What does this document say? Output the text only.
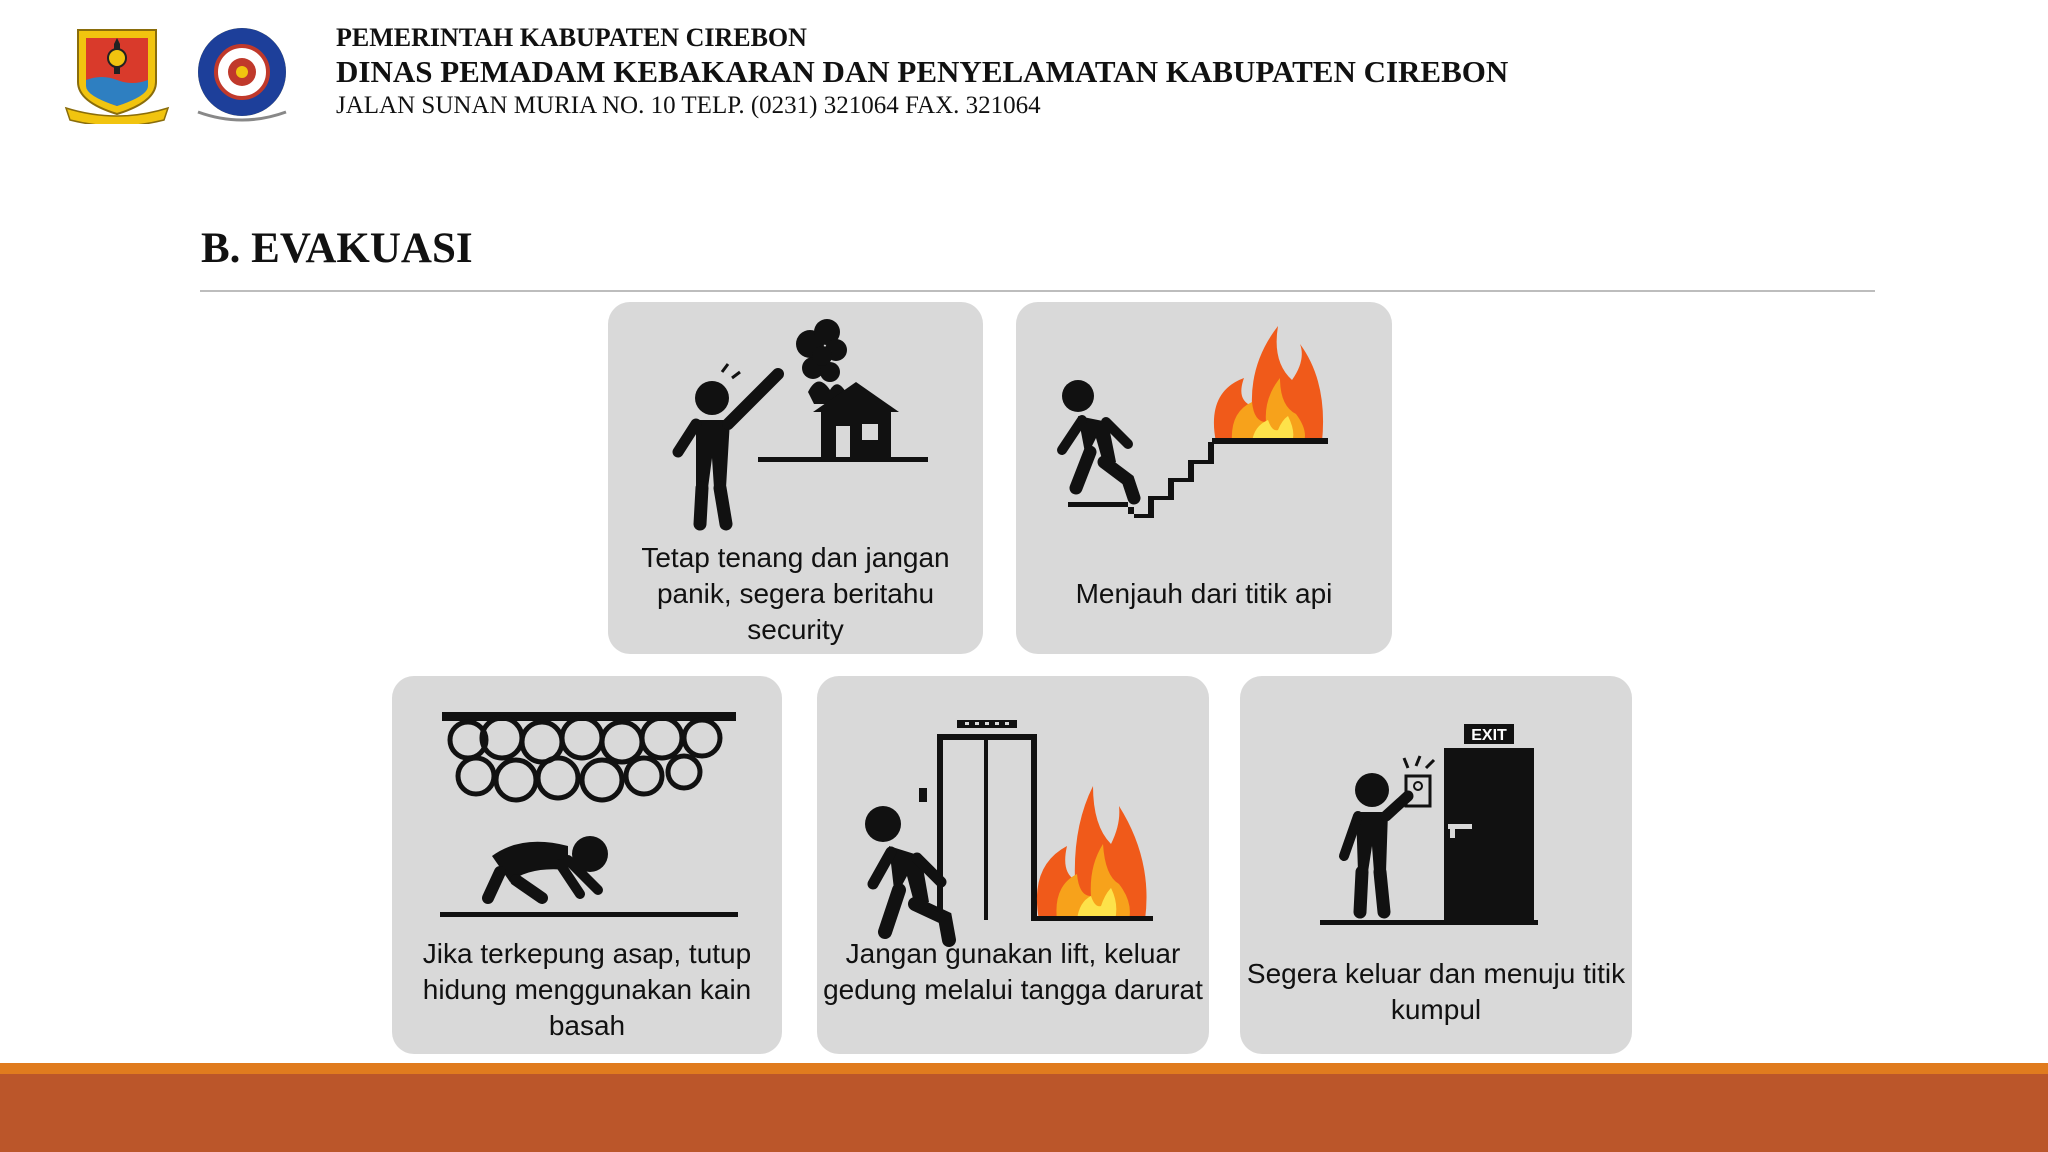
PEMERINTAH KABUPATEN CIREBON
DINAS PEMADAM KEBAKARAN DAN PENYELAMATAN KABUPATEN CIREBON
JALAN SUNAN MURIA NO. 10 TELP. (0231) 321064 FAX. 321064
B. EVAKUASI
Tetap tenang dan jangan panik, segera beritahu security
Menjauh dari titik api
Jika terkepung asap, tutup hidung menggunakan kain basah
Jangan gunakan lift, keluar gedung melalui tangga darurat
EXIT
Segera keluar dan menuju titik kumpul
